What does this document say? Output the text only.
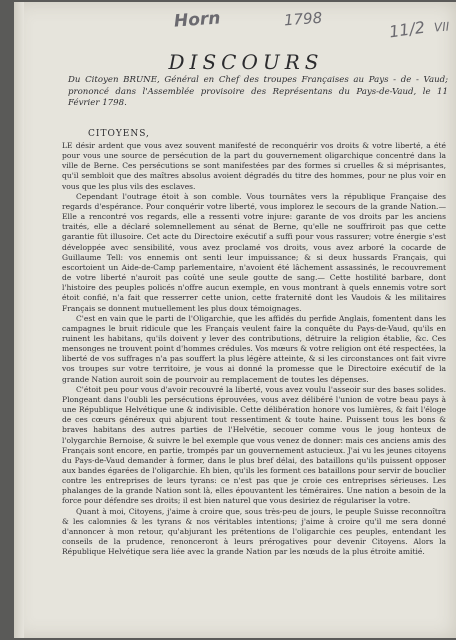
Horn	1798	11/2 VII
DISCOURS
Du Citoyen BRUNE, Général en Chef des troupes Françaises au Pays - de - Vaud; prononcé dans l'Assemblée provisoire des Représentans du Pays-de-Vaud, le 11 Février 1798.
CITOYENS,

LE désir ardent que vous avez souvent manifesté de reconquérir vos droits & votre liberté, a été pour vous une source de persécution de la part du gouvernement oligarchique concentré dans la ville de Berne. Ces persécutions se sont manifestées par des formes si cruelles & si méprisantes, qu'il sembloit que des maîtres absolus avoient dégradés du titre des hommes, pour ne plus voir en vous que les plus vils des esclaves.

Cependant l'outrage étoit à son comble. Vous tournâtes vers la république Française des regards d'espérance. Pour conquérir votre liberté, vous implorez le secours de la grande Nation.— Elle a rencontré vos regards, elle a ressenti votre injure: garante de vos droits par les anciens traités, elle a déclaré solemnellement au sénat de Berne, qu'elle ne souffriroit pas que cette garantie fût illusoire. Cet acte du Directoire exécutif a suffi pour vous rassurer; votre énergie s'est développée avec sensibilité, vous avez proclamé vos droits, vous avez arboré la cocarde de Guillaume Tell: vos ennemis ont senti leur impuissance; & si deux hussards Français, qui escortoient un Aide-de-Camp parlementaire, n'avoient été lâchement assassinés, le recouvrement de votre liberté n'auroit pas coûté une seule goutte de sang.— Cette hostilité barbare, dont l'histoire des peuples policés n'offre aucun exemple, en vous montrant à quels ennemis votre sort étoit confié, n'a fait que resserrer cette union, cette fraternité dont les Vaudois & les militaires Français se donnent mutuellement les plus doux témoignages.

C'est en vain que le parti de l'Oligarchie, que les affidés du perfide Anglais, fomentent dans les campagnes le bruit ridicule que les Français veulent faire la conquête du Pays-de-Vaud, qu'ils en ruinent les habitans, qu'ils doivent y lever des contributions, détruire la religion établie, &c. Ces mensonges ne trouvent point d'hommes crédules. Vos mœurs & votre religion ont été respectées, la liberté de vos suffrages n'a pas souffert la plus légère atteinte, & si les circonstances ont fait vivre vos troupes sur votre territoire, je vous ai donné la promesse que le Directoire exécutif de la grande Nation auroit soin de pourvoir au remplacement de toutes les dépenses.

C'étoit peu pour vous d'avoir recouvré la liberté, vous avez voulu l'asseoir sur des bases solides. Plongeant dans l'oubli les persécutions éprouvées, vous avez délibéré l'union de votre beau pays à une République Helvétique une & indivisible. Cette délibération honore vos lumières, & fait l'éloge de ces cœurs généreux qui abjurent tout ressentiment & toute haine. Puissent tous les bons & braves habitans des autres parties de l'Helvétie, secouer comme vous le joug honteux de l'olygarchie Bernoise, & suivre le bel exemple que vous venez de donner: mais ces anciens amis des Français sont encore, en partie, trompés par un gouvernement astucieux. J'ai vu les jeunes citoyens du Pays-de-Vaud demander à former, dans le plus bref délai, des bataillons qu'ils puissent opposer aux bandes égarées de l'oligarchie. Eh bien, qu'ils les forment ces bataillons pour servir de bouclier contre les entreprises de leurs tyrans: ce n'est pas que je croie ces entreprises sérieuses. Les phalanges de la grande Nation sont là, elles épouvantent les téméraires. Une nation a besoin de la force pour défendre ses droits; il est bien naturel que vous desiriez de régulariser la votre.

Quant à moi, Citoyens, j'aime à croire que, sous très-peu de jours, le peuple Suisse reconnoîtra & les calomnies & les tyrans & nos véritables intentions; j'aime à croire qu'il me sera donné d'annoncer à mon retour, qu'abjurant les prétentions de l'oligarchie ces peuples, entendant les conseils de la prudence, renonceront à leurs prérogatives pour devenir Citoyens. Alors la République Helvétique sera liée avec la grande Nation par les nœuds de la plus étroite amitié.
